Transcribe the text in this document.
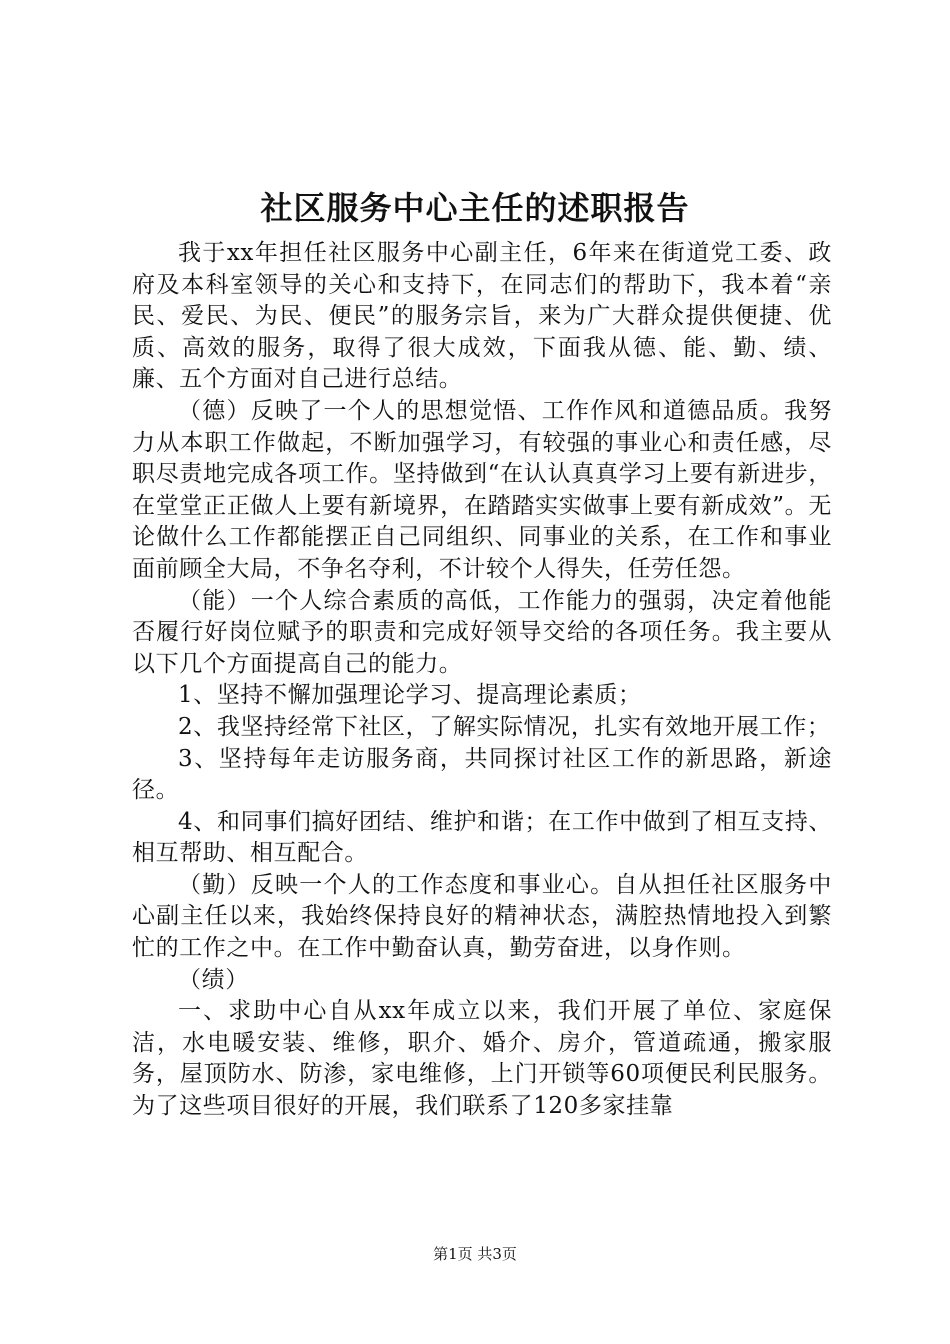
社区服务中心主任的述职报告

我于xx年担任社区服务中心副主任，6年来在街道党工委、政府及本科室领导的关心和支持下，在同志们的帮助下，我本着“亲民、爱民、为民、便民”的服务宗旨，来为广大群众提供便捷、优质、高效的服务，取得了很大成效，下面我从德、能、勤、绩、廉、五个方面对自己进行总结。

（德）反映了一个人的思想觉悟、工作作风和道德品质。我努力从本职工作做起，不断加强学习，有较强的事业心和责任感，尽职尽责地完成各项工作。坚持做到“在认认真真学习上要有新进步，在堂堂正正做人上要有新境界，在踏踏实实做事上要有新成效”。无论做什么工作都能摆正自己同组织、同事业的关系，在工作和事业面前顾全大局，不争名夺利，不计较个人得失，任劳任怨。

（能）一个人综合素质的高低，工作能力的强弱，决定着他能否履行好岗位赋予的职责和完成好领导交给的各项任务。我主要从以下几个方面提高自己的能力。

1、坚持不懈加强理论学习、提高理论素质；

2、我坚持经常下社区，了解实际情况，扎实有效地开展工作；

3、坚持每年走访服务商，共同探讨社区工作的新思路，新途径。

4、和同事们搞好团结、维护和谐；在工作中做到了相互支持、相互帮助、相互配合。

（勤）反映一个人的工作态度和事业心。自从担任社区服务中心副主任以来，我始终保持良好的精神状态，满腔热情地投入到繁忙的工作之中。在工作中勤奋认真，勤劳奋进，以身作则。

（绩）

一、求助中心自从xx年成立以来，我们开展了单位、家庭保洁，水电暖安装、维修，职介、婚介、房介，管道疏通，搬家服务，屋顶防水、防渗，家电维修，上门开锁等60项便民利民服务。为了这些项目很好的开展，我们联系了120多家挂靠

第1页 共3页
